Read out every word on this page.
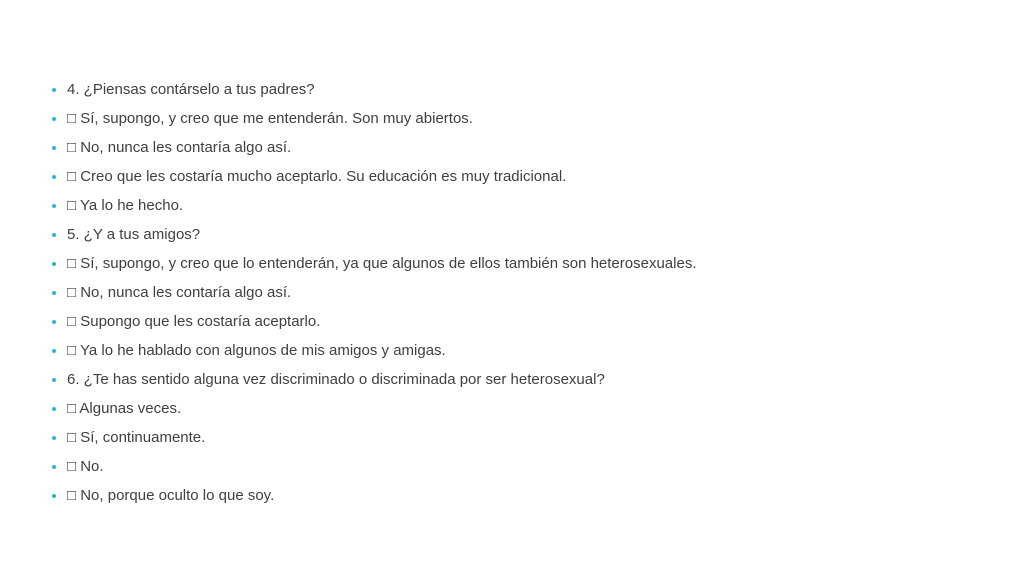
4. ¿Piensas contárselo a tus padres?
□ Sí, supongo, y creo que me entenderán. Son muy abiertos.
□ No, nunca les contaría algo así.
□ Creo que les costaría mucho aceptarlo. Su educación es muy tradicional.
□ Ya lo he hecho.
5. ¿Y a tus amigos?
□ Sí, supongo, y creo que lo entenderán, ya que algunos de ellos también son heterosexuales.
□ No, nunca les contaría algo así.
□ Supongo que les costaría aceptarlo.
□ Ya lo he hablado con algunos de mis amigos y amigas.
6. ¿Te has sentido alguna vez discriminado o discriminada por ser heterosexual?
□ Algunas veces.
□ Sí, continuamente.
□ No.
□ No, porque oculto lo que soy.
